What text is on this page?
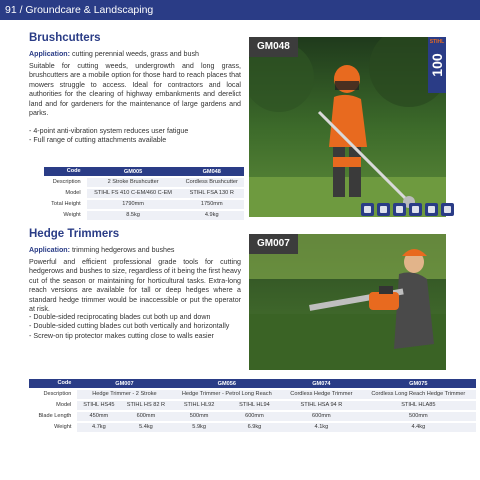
91 / Groundcare & Landscaping
Brushcutters
Application: cutting perennial weeds, grass and bush
Suitable for cutting weeds, undergrowth and long grass, brushcutters are a mobile option for those hard to reach places that mowers struggle to access. Ideal for contractors and local authorities for the clearing of highway embankments and derelict land and for gardeners for the maintenance of large gardens and parks.
- 4-point anti-vibration system reduces user fatigue
- Full range of cutting attachments available
GM048	STIHL
100
Code	GM005	GM048
Description	2 Stroke Brushcutter	Cordless Brushcutter
Model	STIHL FS 410 C-EM/460 C-EM	STIHL FSA 130 R
Total Height	1790mm	1750mm
Weight	8.5kg	4.9kg
Hedge Trimmers
Application: trimming hedgerows and bushes
Powerful and efficient professional grade tools for cutting hedgerows and bushes to size, regardless of it being the first heavy cut of the season or maintaining for horticultural tasks. Extra-long reach versions are available for tall or deep hedges where a standard hedge trimmer would be inaccessible or put the operator at risk.
- Double-sided reciprocating blades cut both up and down
- Double-sided cutting blades cut both vertically and horizontally
- Screw-on tip protector makes cutting close to walls easier
GM007
Code	GM007		GM056		GM074	GM075
Description	Hedge Trimmer - 2 Stroke		Hedge Trimmer - Petrol Long Reach		Cordless Hedge Trimmer	Cordless Long Reach Hedge Trimmer
Model	STIHL HS45	STIHL HS 82 R	STIHL HL92	STIHL HL94	STIHL HSA 94 R	STIHL HLA85
Blade Length	450mm	600mm	500mm	600mm	600mm	500mm
Weight	4.7kg	5.4kg	5.9kg	6.9kg	4.1kg	4.4kg
